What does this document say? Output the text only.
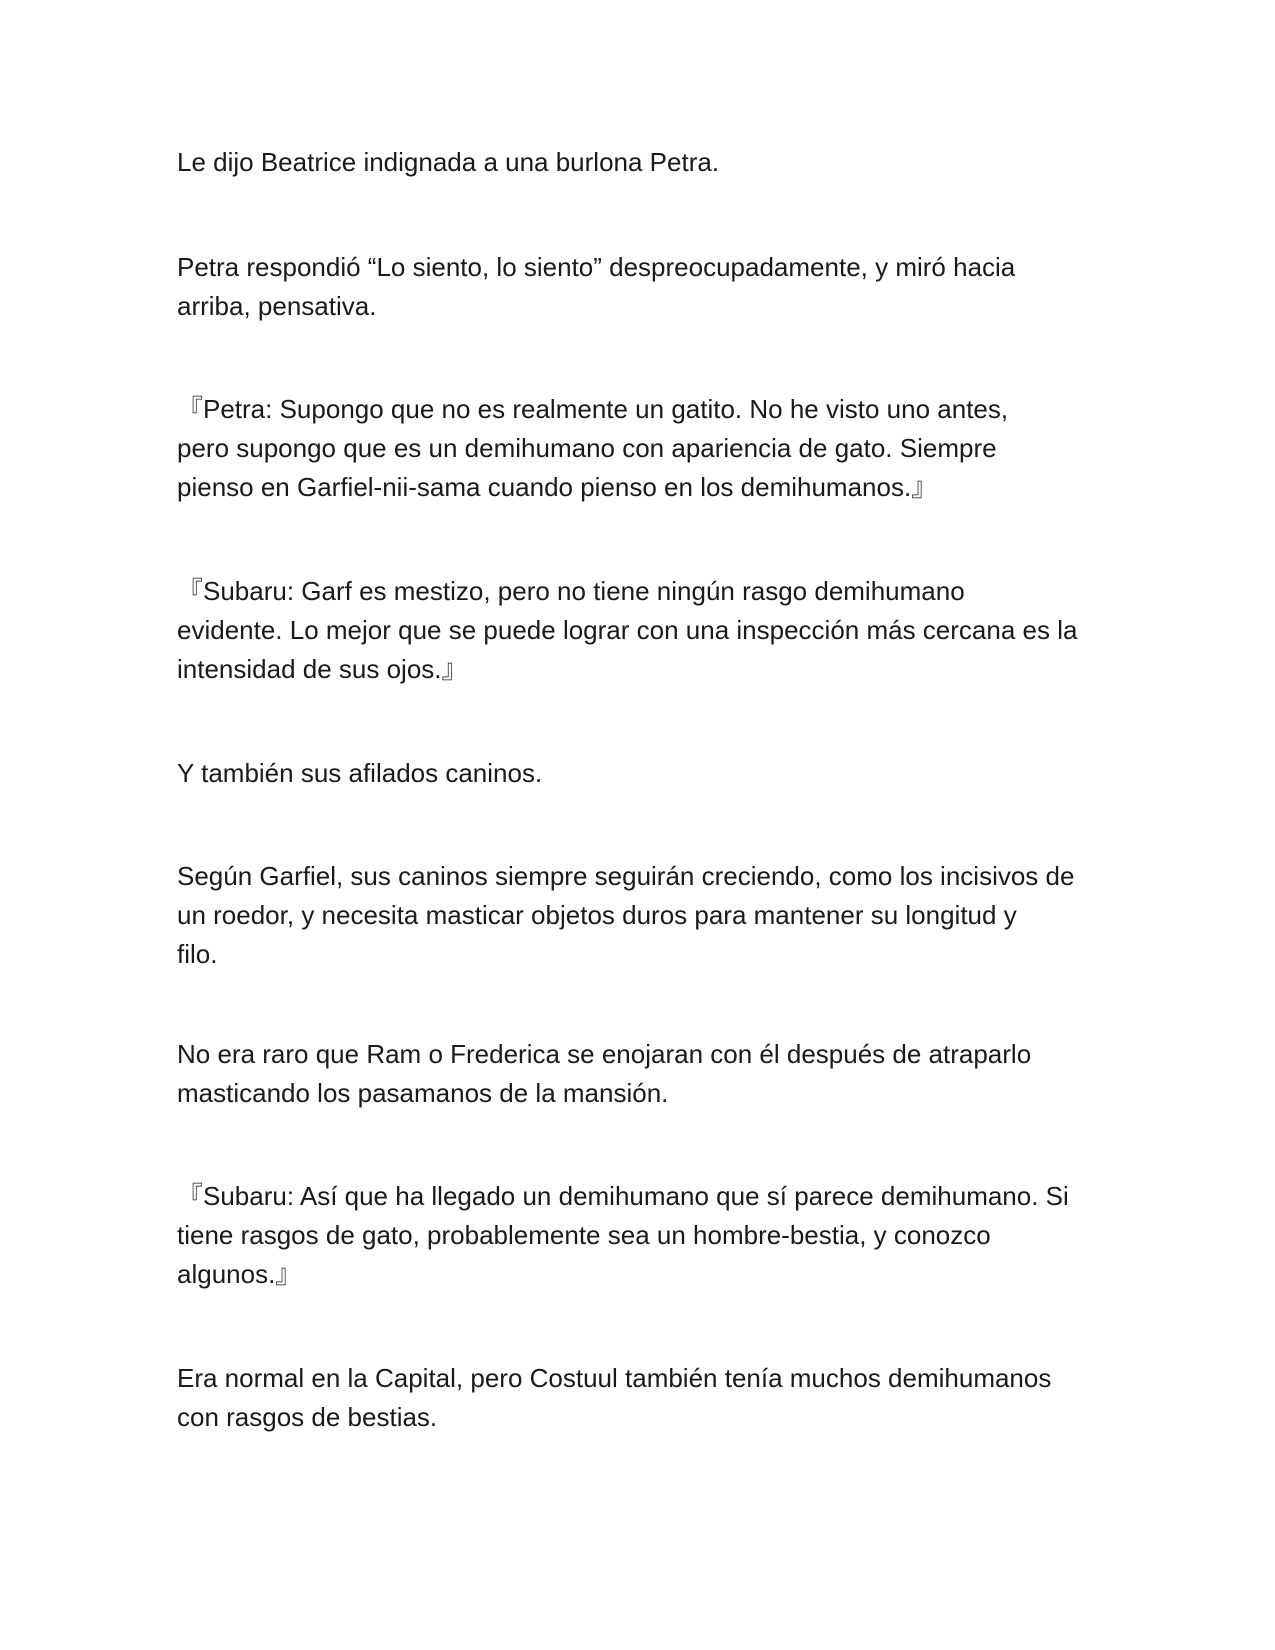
Le dijo Beatrice indignada a una burlona Petra.

Petra respondió “Lo siento, lo siento” despreocupadamente, y miró hacia
arriba, pensativa.

『Petra: Supongo que no es realmente un gatito. No he visto uno antes,
pero supongo que es un demihumano con apariencia de gato. Siempre
pienso en Garfiel-nii-sama cuando pienso en los demihumanos.』

『Subaru: Garf es mestizo, pero no tiene ningún rasgo demihumano
evidente. Lo mejor que se puede lograr con una inspección más cercana es la
intensidad de sus ojos.』

Y también sus afilados caninos.

Según Garfiel, sus caninos siempre seguirán creciendo, como los incisivos de
un roedor, y necesita masticar objetos duros para mantener su longitud y
filo.

No era raro que Ram o Frederica se enojaran con él después de atraparlo
masticando los pasamanos de la mansión.

『Subaru: Así que ha llegado un demihumano que sí parece demihumano. Si
tiene rasgos de gato, probablemente sea un hombre-bestia, y conozco
algunos.』

Era normal en la Capital, pero Costuul también tenía muchos demihumanos
con rasgos de bestias.
